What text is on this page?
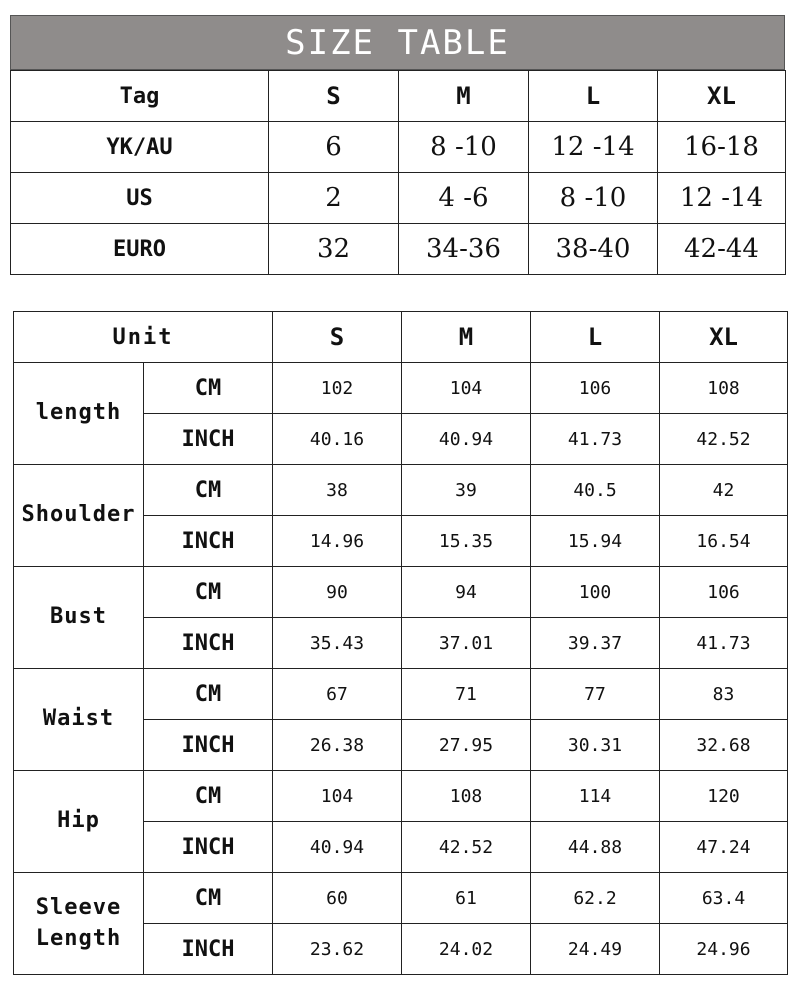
SIZE TABLE
Tag	S	M	L	XL
YK/AU	6	8 -10	12 -14	16-18
US	2	4 -6	8 -10	12 -14
EURO	32	34-36	38-40	42-44
Unit		S	M	L	XL
length	CM	102	104	106	108
	INCH	40.16	40.94	41.73	42.52
Shoulder	CM	38	39	40.5	42
	INCH	14.96	15.35	15.94	16.54
Bust	CM	90	94	100	106
	INCH	35.43	37.01	39.37	41.73
Waist	CM	67	71	77	83
	INCH	26.38	27.95	30.31	32.68
Hip	CM	104	108	114	120
	INCH	40.94	42.52	44.88	47.24
Sleeve Length	CM	60	61	62.2	63.4
	INCH	23.62	24.02	24.49	24.96
